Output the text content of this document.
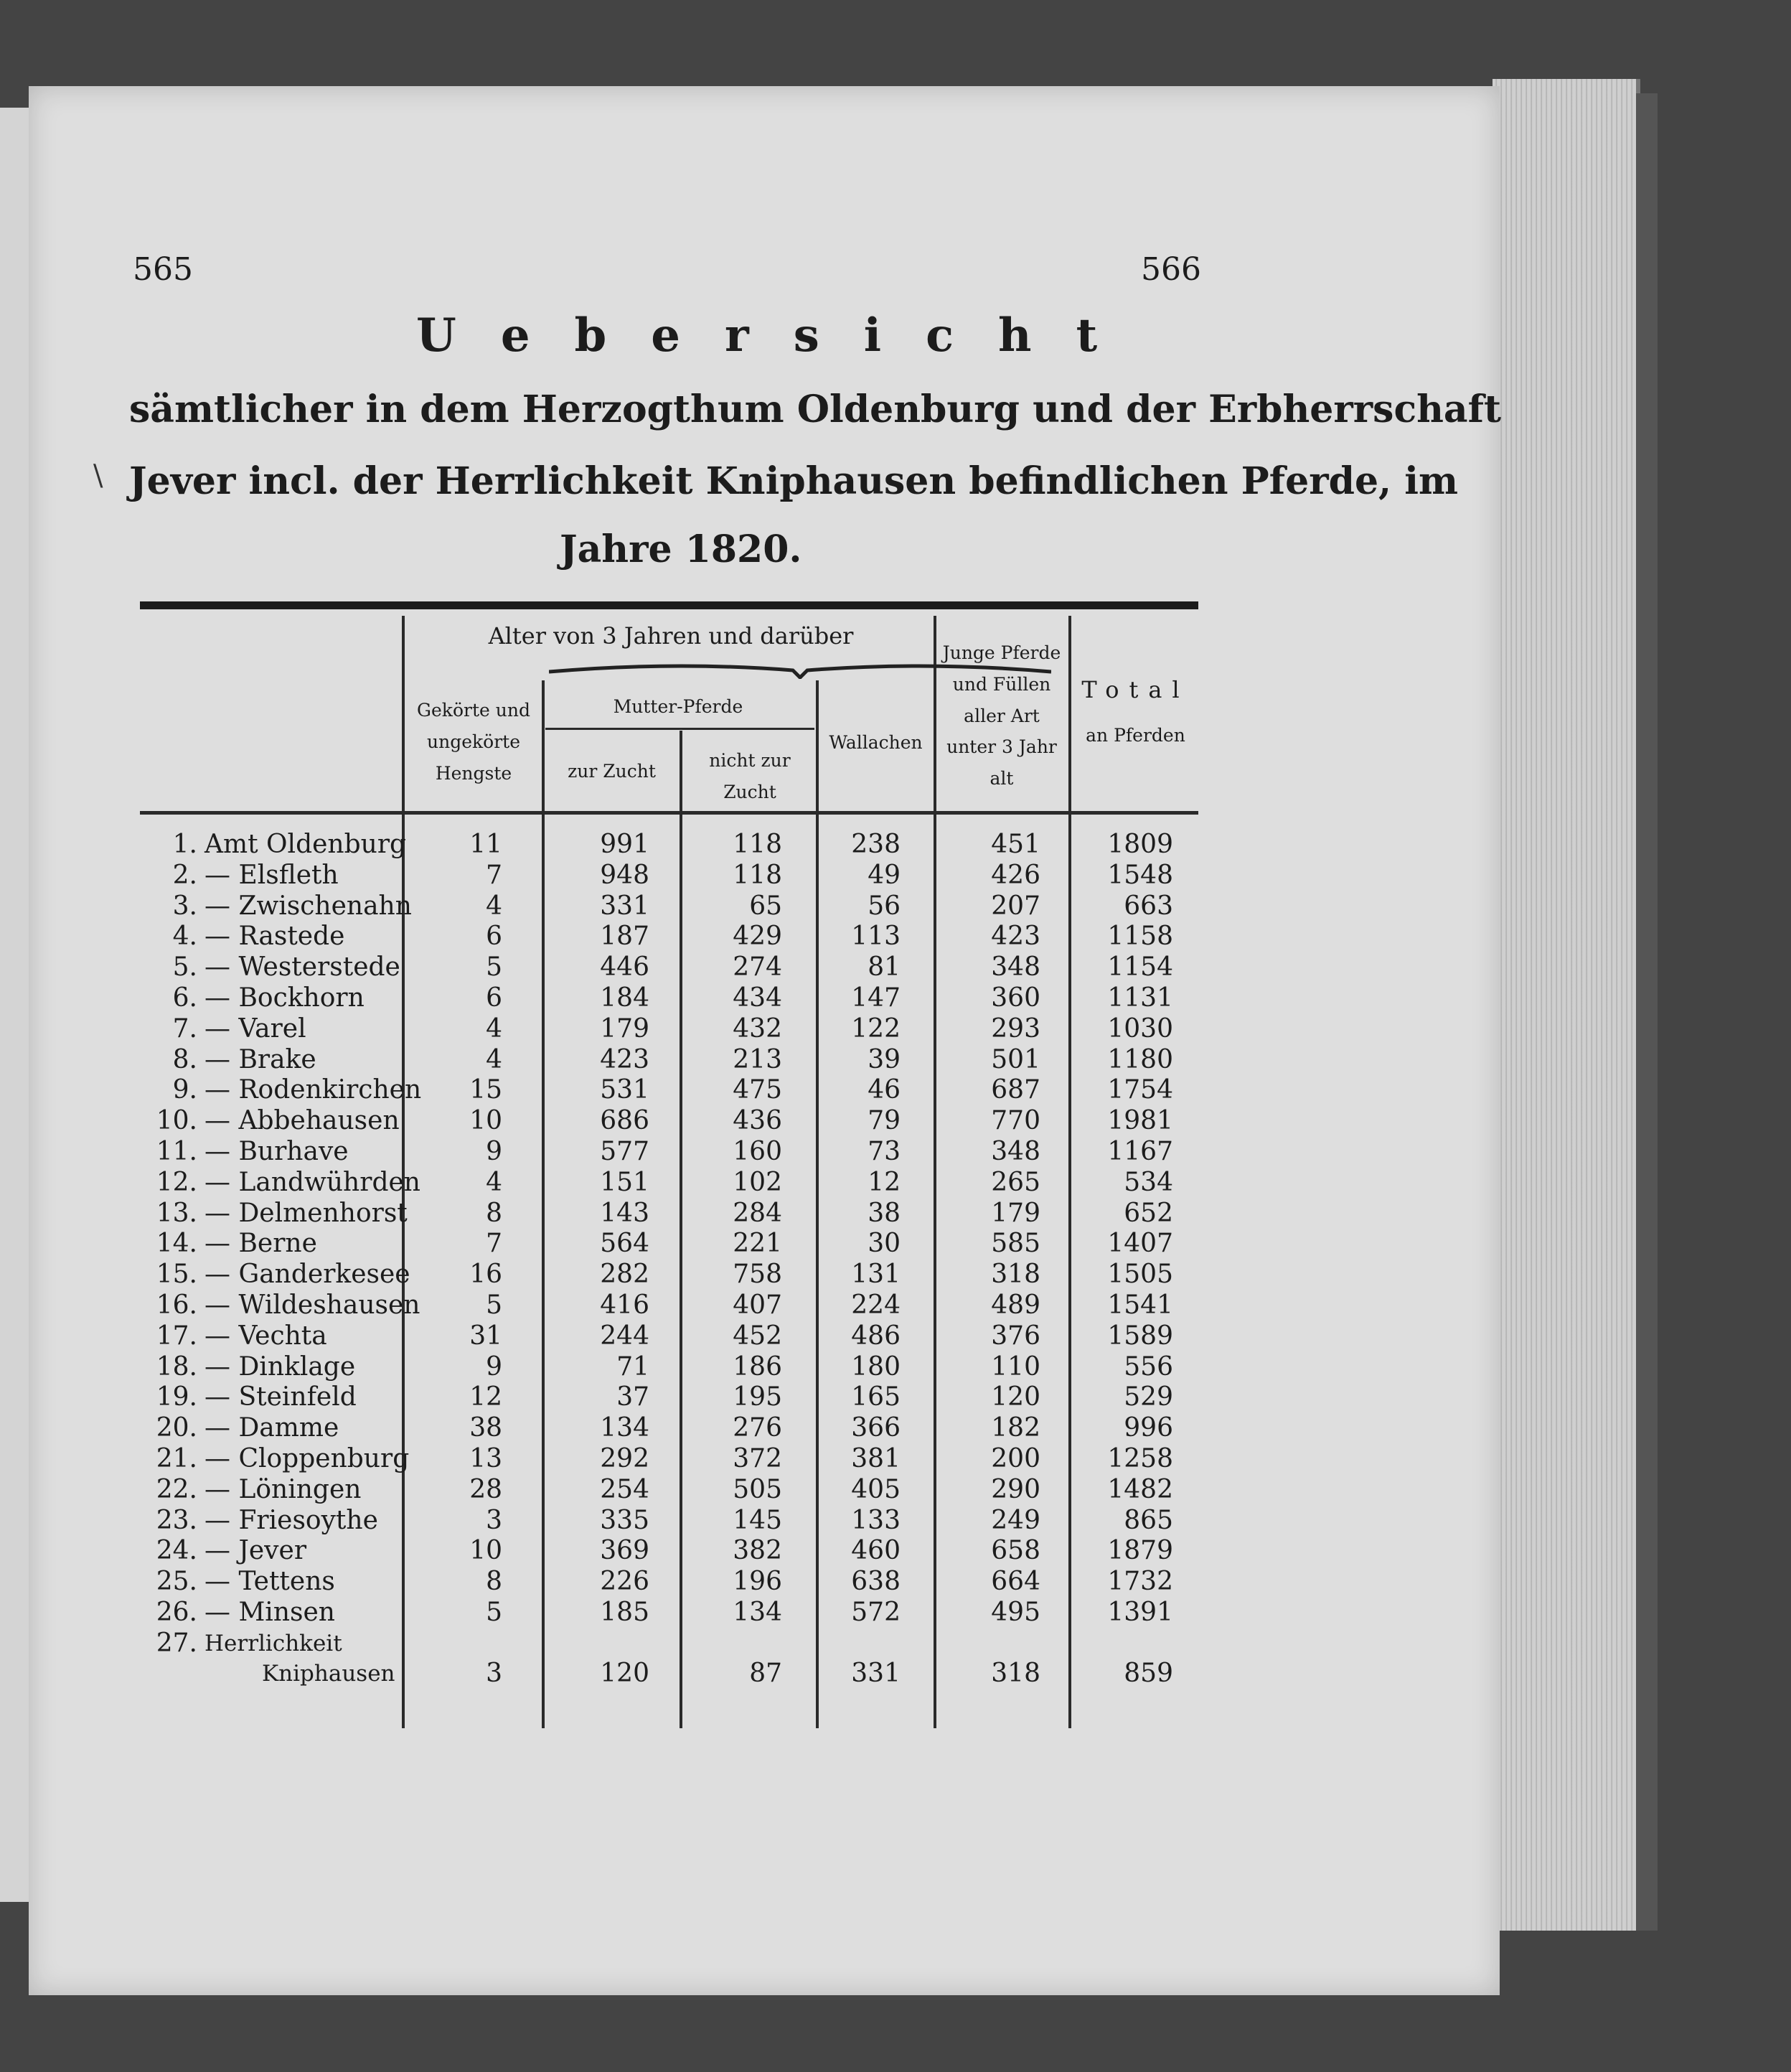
565	566
Uebersicht
\
sämtlicher in dem Herzogthum Oldenburg und der Erbherrschaft
Jever incl. der Herrlichkeit Kniphausen befindlichen Pferde, im
Jahre 1820.
Alter von 3 Jahren und darüber
Gekörte und ungekörte Hengste
Mutter-Pferde
zur Zucht
nicht zur Zucht
Wallachen
Junge Pferde und Füllen aller Art unter 3 Jahr alt
Total
an Pferden
1. Amt Oldenburg 11	991	118	238	451	1809
2. — Elsfleth	7	948	118	49	426	1548
3. — Zwischenahn	4	331	65	56	207	663
4. — Rastede	6	187	429	113	423	1158
5. — Westerstede	5	446	274	81	348	1154
6. — Bockhorn	6	184	434	147	360	1131
7. — Varel	4	179	432	122	293	1030
8. — Brake	4	423	213	39	501	1180
9. — Rodenkirchen 15	531	475	46	687	1754
10. — Abbehausen	10	686	436	79	770	1981
11. — Burhave	9	577	160	73	348	1167
12. — Landwührden	4	151	102	12	265	534
13. — Delmenhorst	8	143	284	38	179	652
14. — Berne	7	564	221	30	585	1407
15. — Ganderkesee 16	282	758	131	318	1505
16. — Wildeshausen	5	416	407	224	489	1541
17. — Vechta	31	244	452	486	376	1589
18. — Dinklage	9	71	186	180	110	556
19. — Steinfeld	12	37	195	165	120	529
20. — Damme	38	134	276	366	182	996
21. — Cloppenburg 13	292	372	381	200	1258
22. — Löningen	28	254	505	405	290	1482
23. — Friesoythe	3	335	145	133	249	865
24. — Jever	10	369	382	460	658	1879
25. — Tettens	8	226	196	638	664	1732
26. — Minsen	5	185	134	572	495	1391
27. Herrlichkeit
Kniphausen	3	120	87	331	318	859
